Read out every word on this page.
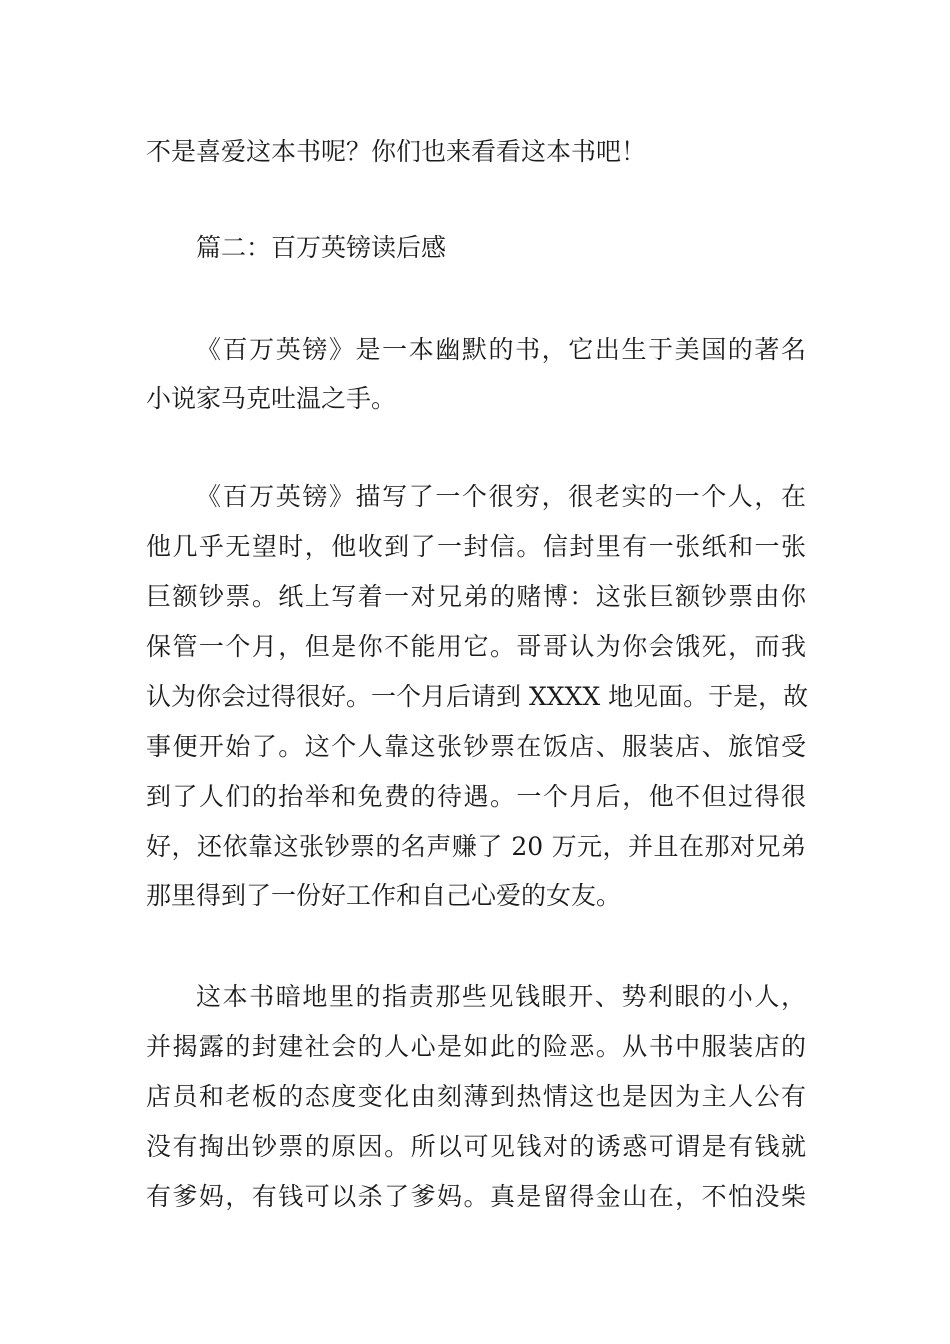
不是喜爱这本书呢？你们也来看看这本书吧！
篇二：百万英镑读后感
《百万英镑》是一本幽默的书，它出生于美国的著名
小说家马克吐温之手。
《百万英镑》描写了一个很穷，很老实的一个人，在
他几乎无望时，他收到了一封信。信封里有一张纸和一张
巨额钞票。纸上写着一对兄弟的赌博：这张巨额钞票由你
保管一个月，但是你不能用它。哥哥认为你会饿死，而我
认为你会过得很好。一个月后请到 XXXX 地见面。于是，故
事便开始了。这个人靠这张钞票在饭店、服装店、旅馆受
到了人们的抬举和免费的待遇。一个月后，他不但过得很
好，还依靠这张钞票的名声赚了 20 万元，并且在那对兄弟
那里得到了一份好工作和自己心爱的女友。
这本书暗地里的指责那些见钱眼开、势利眼的小人，
并揭露的封建社会的人心是如此的险恶。从书中服装店的
店员和老板的态度变化由刻薄到热情这也是因为主人公有
没有掏出钞票的原因。所以可见钱对的诱惑可谓是有钱就
有爹妈，有钱可以杀了爹妈。真是留得金山在，不怕没柴
